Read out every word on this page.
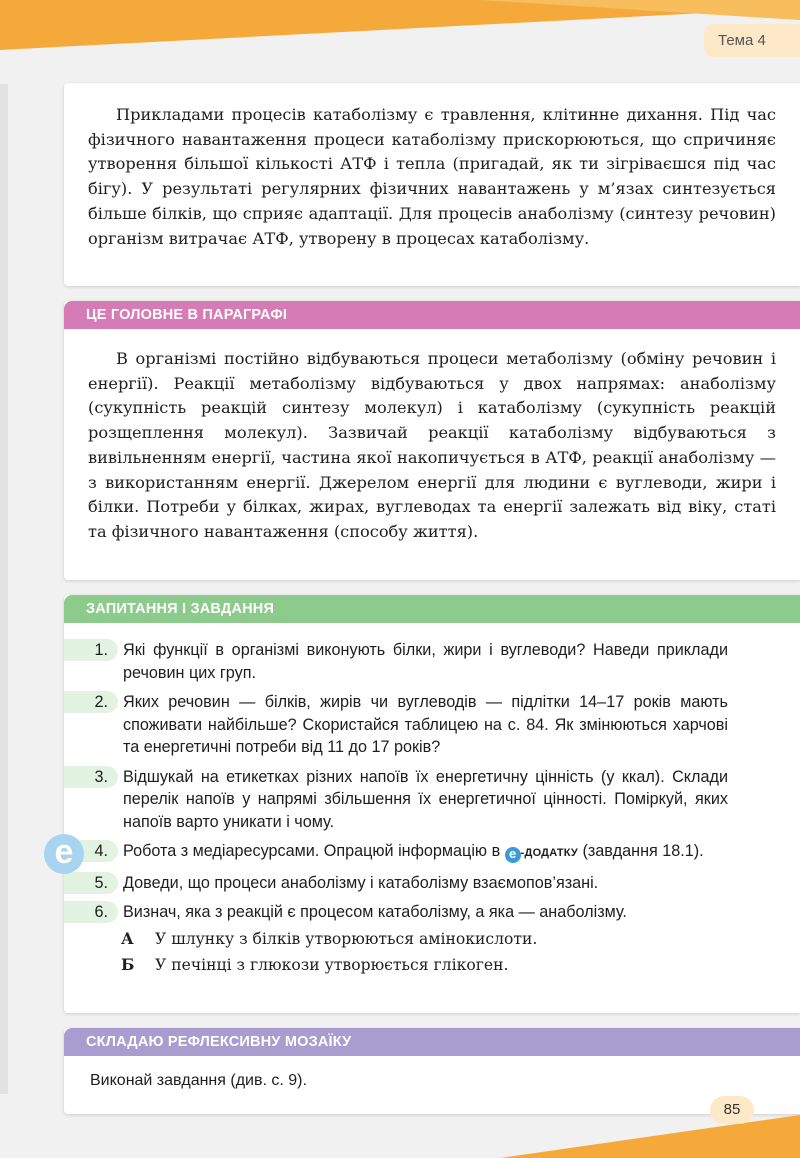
Тема 4

Прикладами процесів катаболізму є травлення, клітинне дихання. Під час фізичного навантаження процеси катаболізму прискорюються, що спричиняє утворення більшої кількості АТФ і тепла (пригадай, як ти зігріваєшся під час бігу). У результаті регулярних фізичних навантажень у м’язах синтезується більше білків, що сприяє адаптації. Для процесів анаболізму (синтезу речовин) організм витрачає АТФ, утворену в процесах катаболізму.

ЦЕ ГОЛОВНЕ В ПАРАГРАФІ

В організмі постійно відбуваються процеси метаболізму (обміну речовин і енергії). Реакції метаболізму відбуваються у двох напрямах: анаболізму (сукупність реакцій синтезу молекул) і катаболізму (сукупність реакцій розщеплення молекул). Зазвичай реакції катаболізму відбуваються з вивільненням енергії, частина якої накопичується в АТФ, реакції анаболізму — з використанням енергії. Джерелом енергії для людини є вуглеводи, жири і білки. Потреби у білках, жирах, вуглеводах та енергії залежать від віку, статі та фізичного навантаження (способу життя).

ЗАПИТАННЯ І ЗАВДАННЯ
1. Які функції в організмі виконують білки, жири і вуглеводи? Наведи приклади речовин цих груп.
2. Яких речовин — білків, жирів чи вуглеводів — підлітки 14–17 років мають споживати найбільше? Скористайся таблицею на с. 84. Як змінюються харчові та енергетичні потреби від 11 до 17 років?
3. Відшукай на етикетках різних напоїв їх енергетичну цінність (у ккал). Склади перелік напоїв у напрямі збільшення їх енергетичної цінності. Поміркуй, яких напоїв варто уникати і чому.
4. Робота з медіаресурсами. Опрацюй інформацію в e -ДОДАТКУ (завдання 18.1).
5. Доведи, що процеси анаболізму і катаболізму взаємопов’язані.
6. Визнач, яка з реакцій є процесом катаболізму, а яка — анаболізму.
А У шлунку з білків утворюються амінокислоти.
Б У печінці з глюкози утворюється глікоген.
e
СКЛАДАЮ РЕФЛЕКСИВНУ МОЗАЇКУ
Виконай завдання (див. с. 9).
85
